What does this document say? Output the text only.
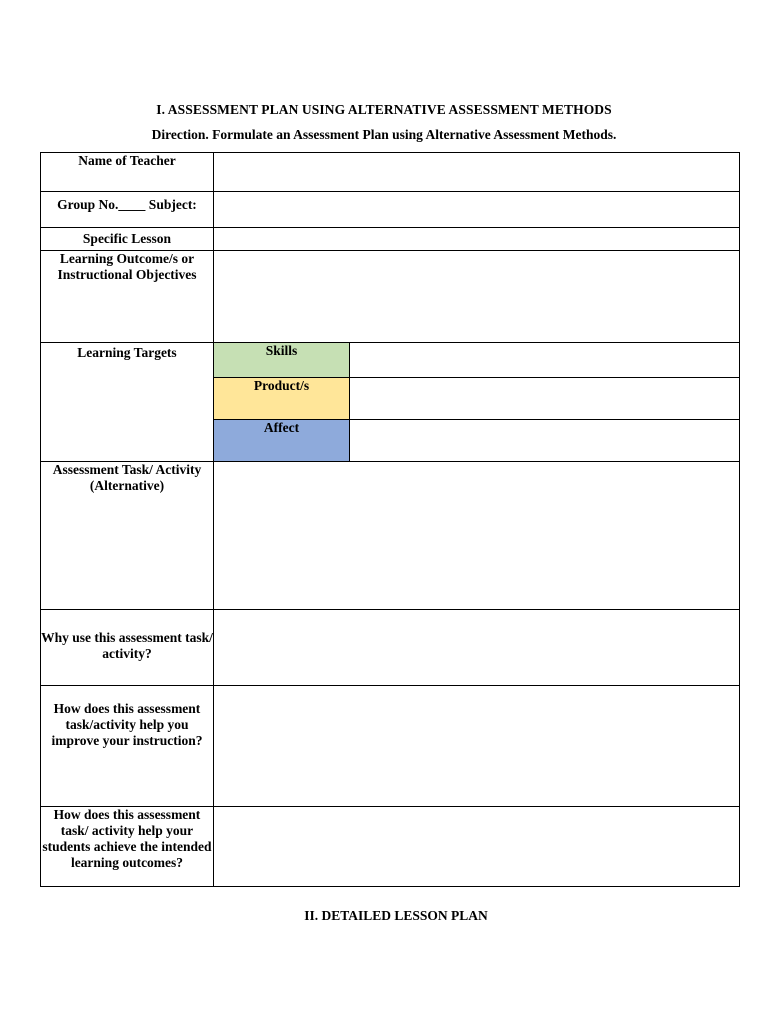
I. ASSESSMENT PLAN USING ALTERNATIVE ASSESSMENT METHODS
Direction. Formulate an Assessment Plan using Alternative Assessment Methods.
Name of Teacher		
Group No.____ Subject:		
Specific Lesson		
Learning Outcome/s or Instructional Objectives		
Learning Targets	Skills	
	Product/s	
	Affect	
Assessment Task/ Activity (Alternative)		
Why use this assessment task/ activity?		
How does this assessment task/activity help you improve your instruction?		
How does this assessment task/ activity help your students achieve the intended learning outcomes?		
II. DETAILED LESSON PLAN
